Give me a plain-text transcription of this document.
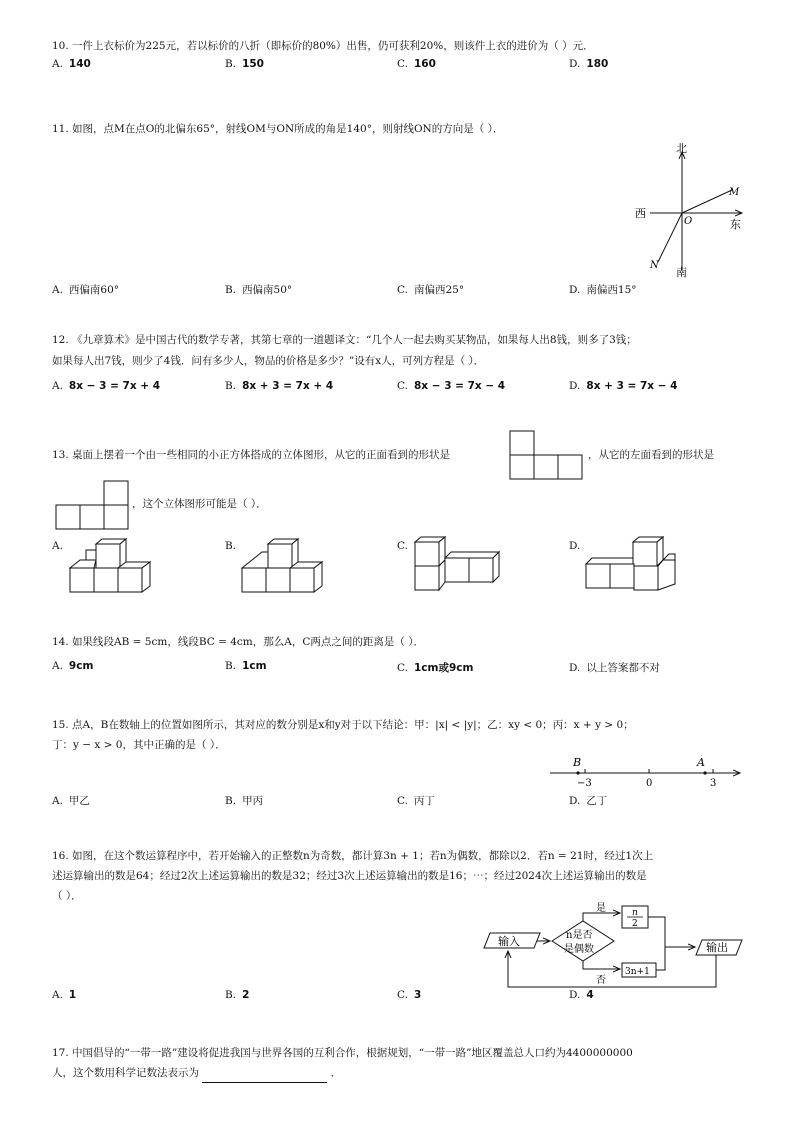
10. 一件上衣标价为225元，若以标价的八折（即标价的80%）出售，仍可获利20%，则该件上衣的进价为（ ）元．
A. 140	B. 150	C. 160	D. 180
11. 如图，点M在点O的北偏东65°，射线OM与ON所成的角是140°，则射线ON的方向是（ ）．
北
南
西
东
O
M
N
A. 西偏南60°	B. 西偏南50°	C. 南偏西25°	D. 南偏西15°
12. 《九章算术》是中国古代的数学专著，其第七章的一道题译文：“几个人一起去购买某物品，如果每人出8钱，则多了3钱；
如果每人出7钱，则少了4钱．问有多少人，物品的价格是多少？”设有x人，可列方程是（ ）．
A. 8x − 3 = 7x + 4	B. 8x + 3 = 7x + 4	C. 8x − 3 = 7x − 4	D. 8x + 3 = 7x − 4
13. 桌面上摆着一个由一些相同的小正方体搭成的立体图形，从它的正面看到的形状是	，从它的左面看到的形状是
，这个立体图形可能是（ ）．
A.	B.	C.	D.
14. 如果线段AB = 5cm，线段BC = 4cm，那么A，C两点之间的距离是（ ）．
A. 9cm	B. 1cm	C. 1cm或9cm	D. 以上答案都不对
15. 点A，B在数轴上的位置如图所示，其对应的数分别是x和y对于以下结论：甲：|x| < |y|；乙：xy < 0；丙：x + y > 0；
丁：y − x > 0，其中正确的是（ ）．
B	A
−3	0	3
A. 甲乙	B. 甲丙	C. 丙丁	D. 乙丁
16. 如图，在这个数运算程序中，若开始输入的正整数n为奇数，都计算3n + 1；若n为偶数，都除以2．若n = 21时，经过1次上
述运算输出的数是64；经过2次上述运算输出的数是32；经过3次上述运算输出的数是16；⋯；经过2024次上述运算输出的数是
（ ）．
输入	n是否
是偶数
是	n
2
否
3n+1
输出
A. 1	B. 2	C. 3	D. 4
17. 中国倡导的“一带一路”建设将促进我国与世界各国的互利合作，根据规划，“一带一路”地区覆盖总人口约为4400000000
人，这个数用科学记数法表示为	．
